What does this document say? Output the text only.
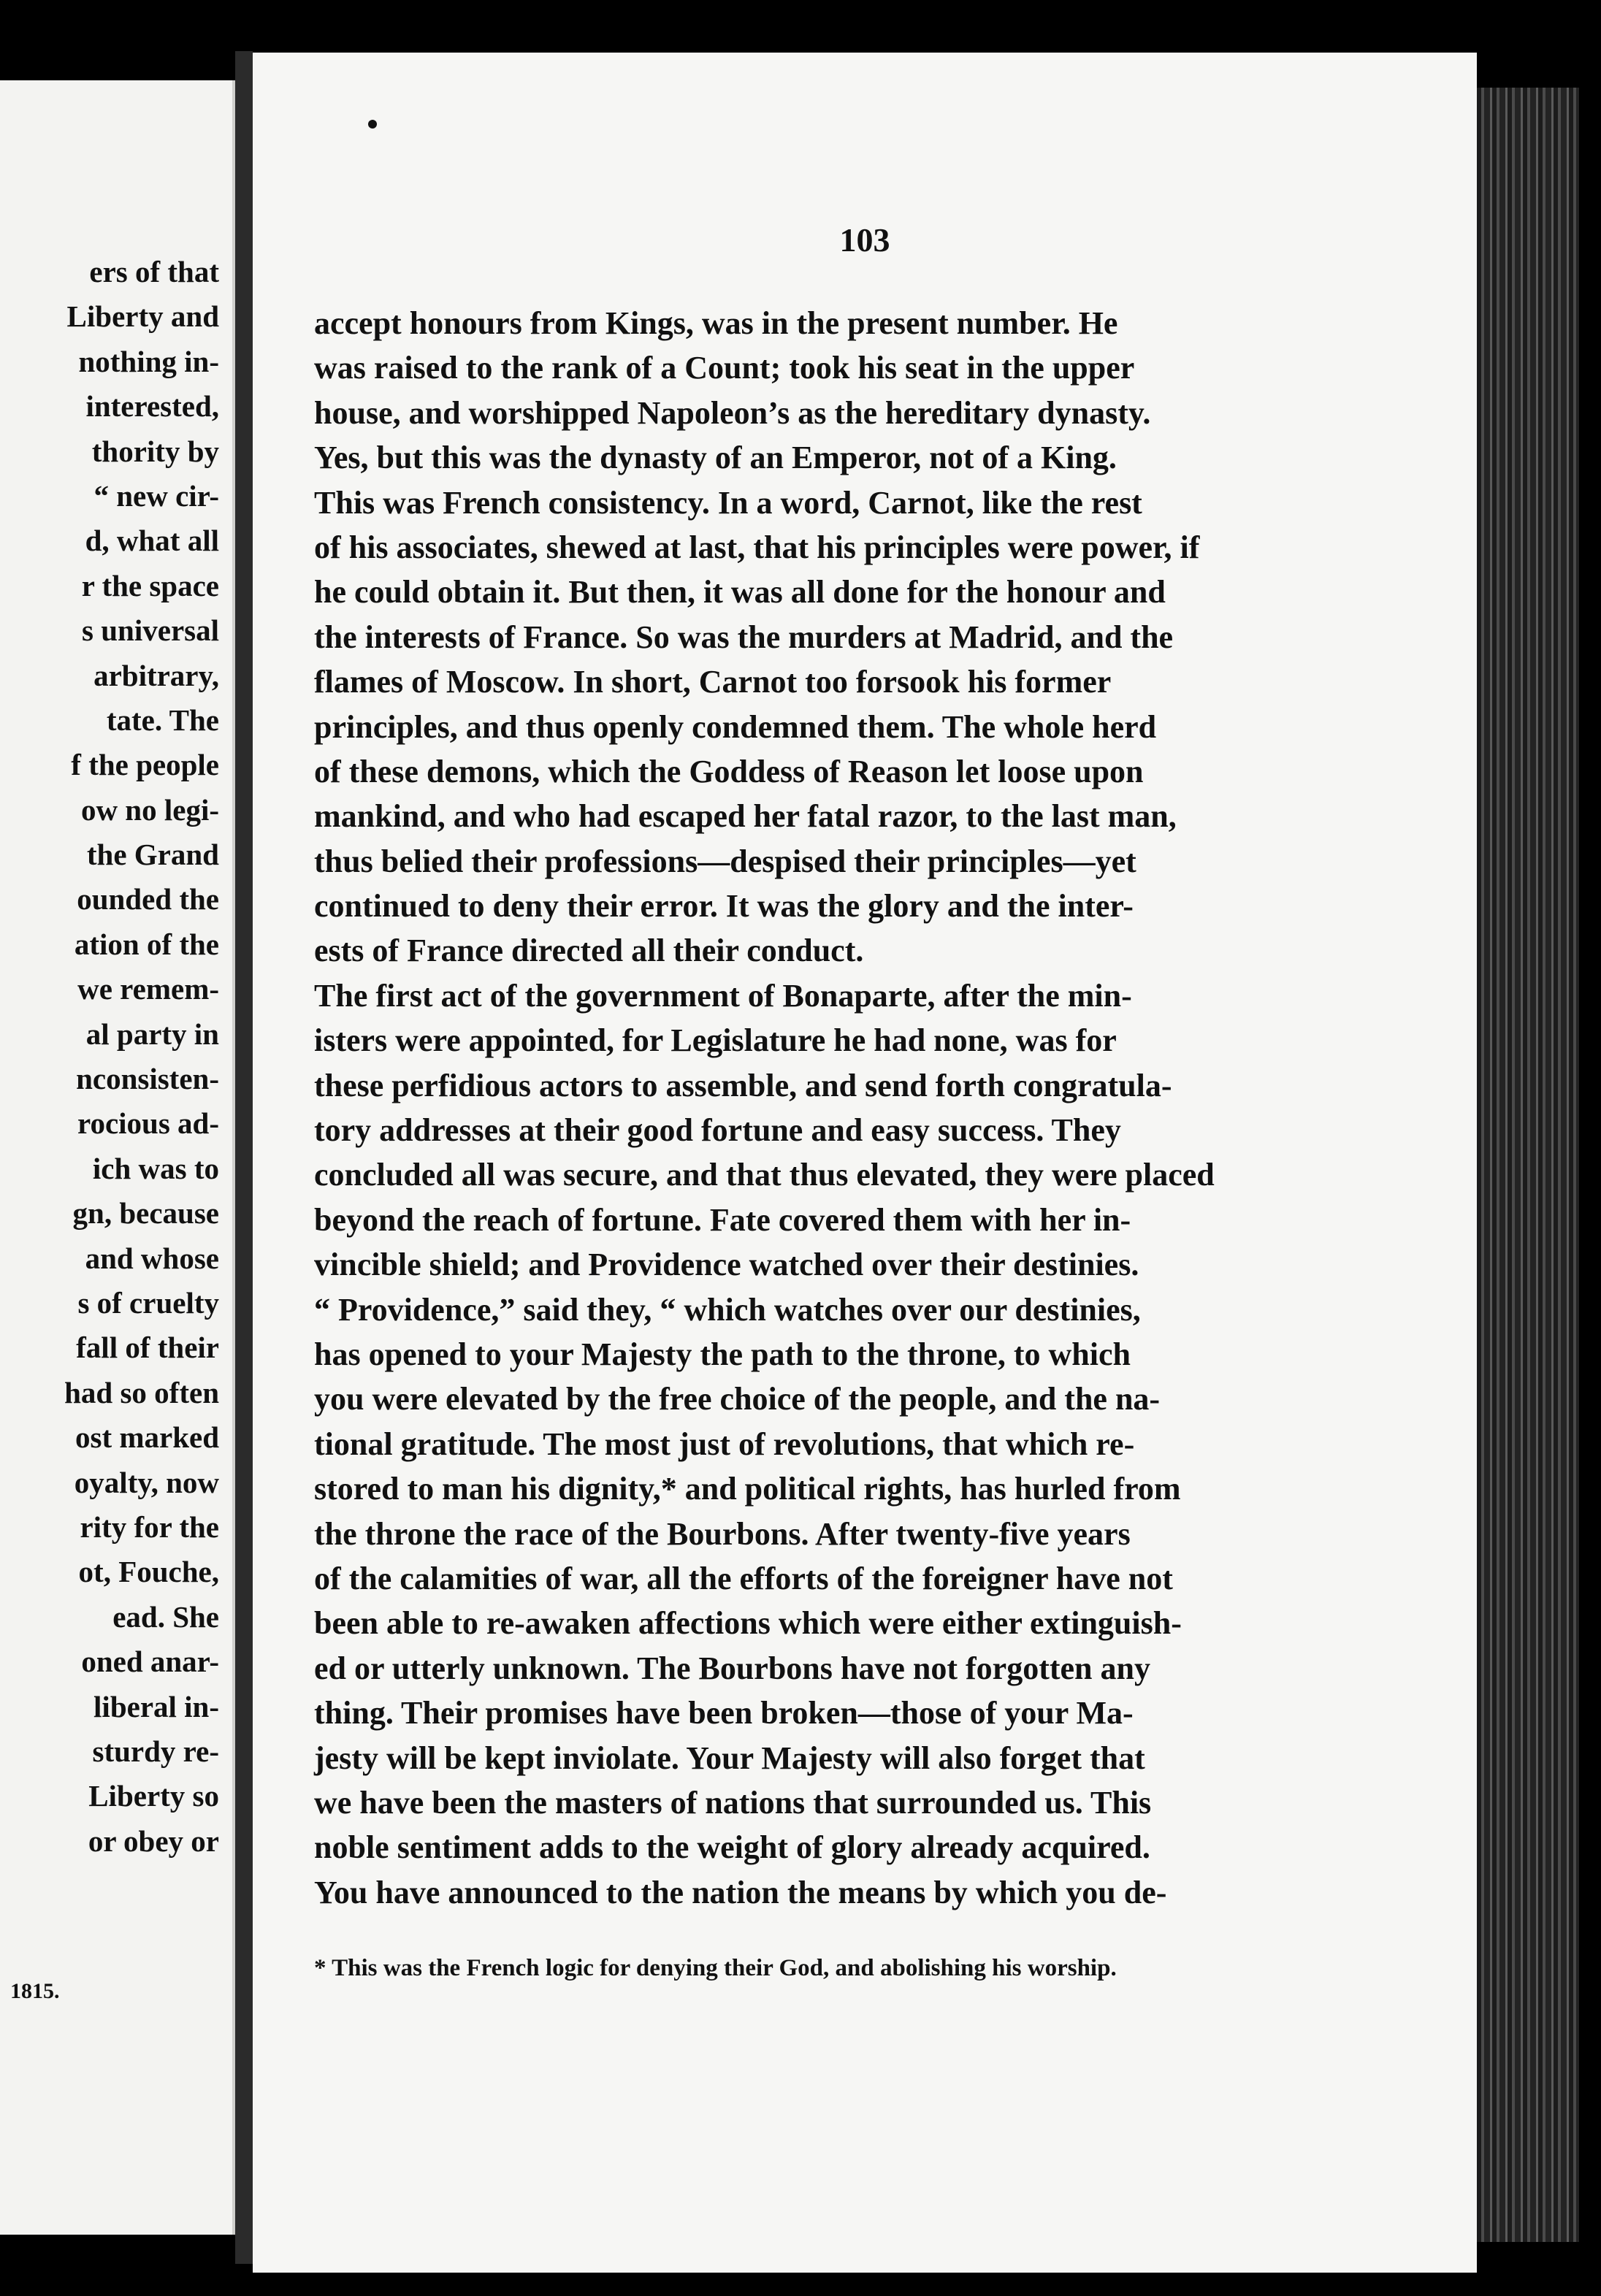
ers of that
Liberty and
nothing in-
interested,
thority by
“ new cir-
d, what all
r the space
s universal
arbitrary,
tate. The
f the people
ow no legi-
the Grand
ounded the
ation of the
we remem-
al party in
nconsisten-
rocious ad-
ich was to
gn, because
and whose
s of cruelty
fall of their
had so often
ost marked
oyalty, now
rity for the
ot, Fouche,
ead. She
oned anar-
liberal in-
sturdy re-
Liberty so
or obey or
1815.
103
accept honours from Kings, was in the present number. He
was raised to the rank of a Count; took his seat in the upper
house, and worshipped Napoleon’s as the hereditary dynasty.
Yes, but this was the dynasty of an Emperor, not of a King.
This was French consistency. In a word, Carnot, like the rest
of his associates, shewed at last, that his principles were power, if
he could obtain it. But then, it was all done for the honour and
the interests of France. So was the murders at Madrid, and the
flames of Moscow. In short, Carnot too forsook his former
principles, and thus openly condemned them. The whole herd
of these demons, which the Goddess of Reason let loose upon
mankind, and who had escaped her fatal razor, to the last man,
thus belied their professions—despised their principles—yet
continued to deny their error. It was the glory and the inter-
ests of France directed all their conduct.
The first act of the government of Bonaparte, after the min-
isters were appointed, for Legislature he had none, was for
these perfidious actors to assemble, and send forth congratula-
tory addresses at their good fortune and easy success. They
concluded all was secure, and that thus elevated, they were placed
beyond the reach of fortune. Fate covered them with her in-
vincible shield; and Providence watched over their destinies.
“ Providence,” said they, “ which watches over our destinies,
has opened to your Majesty the path to the throne, to which
you were elevated by the free choice of the people, and the na-
tional gratitude. The most just of revolutions, that which re-
stored to man his dignity,* and political rights, has hurled from
the throne the race of the Bourbons. After twenty-five years
of the calamities of war, all the efforts of the foreigner have not
been able to re-awaken affections which were either extinguish-
ed or utterly unknown. The Bourbons have not forgotten any
thing. Their promises have been broken—those of your Ma-
jesty will be kept inviolate. Your Majesty will also forget that
we have been the masters of nations that surrounded us. This
noble sentiment adds to the weight of glory already acquired.
You have announced to the nation the means by which you de-
* This was the French logic for denying their God, and abolishing his worship.
